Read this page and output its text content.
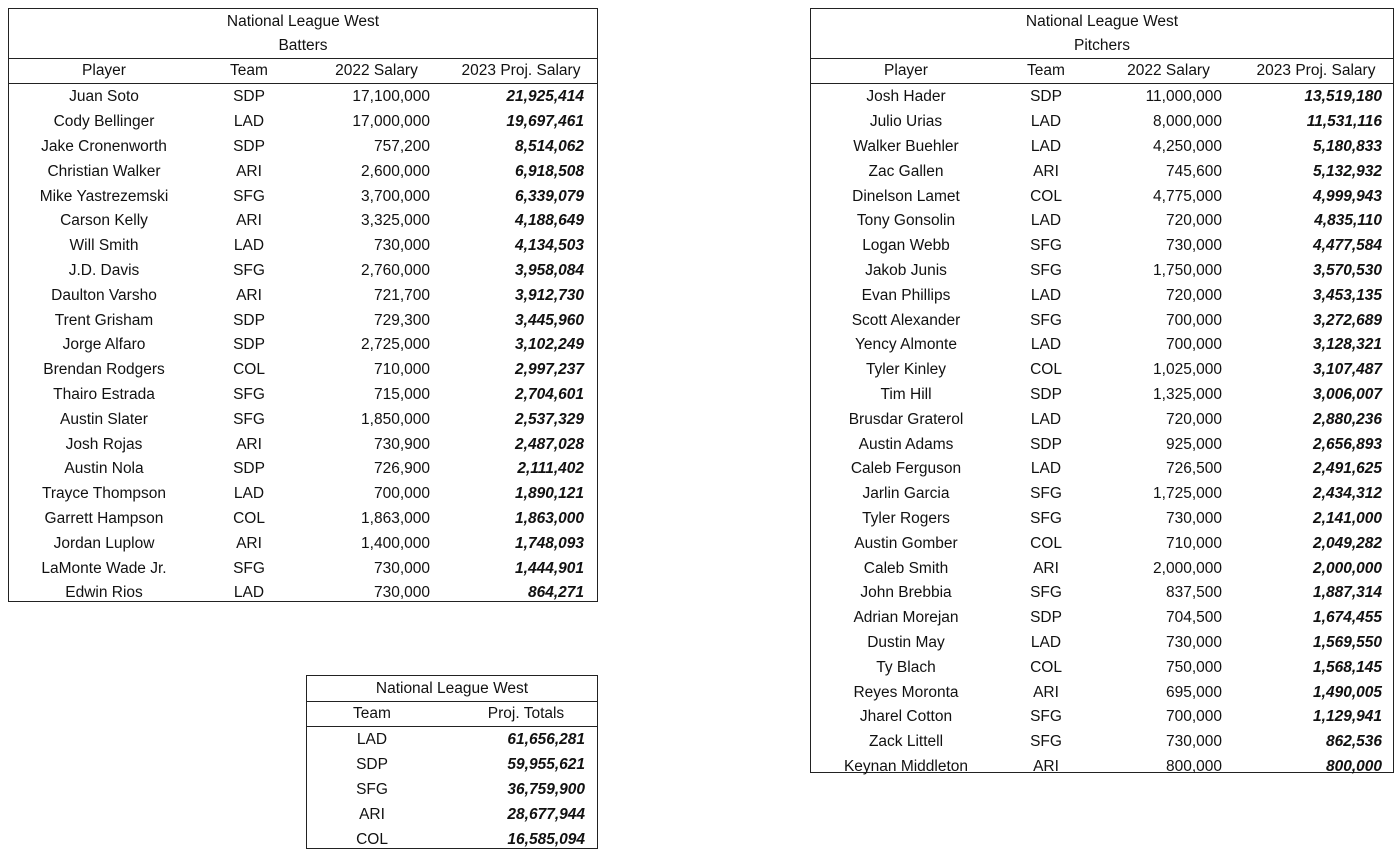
National League West
Batters
Player	Team	2022 Salary	2023 Proj. Salary
Juan Soto	SDP	17,100,000	21,925,414
Cody Bellinger	LAD	17,000,000	19,697,461
Jake Cronenworth	SDP	757,200	8,514,062
Christian Walker	ARI	2,600,000	6,918,508
Mike Yastrezemski	SFG	3,700,000	6,339,079
Carson Kelly	ARI	3,325,000	4,188,649
Will Smith	LAD	730,000	4,134,503
J.D. Davis	SFG	2,760,000	3,958,084
Daulton Varsho	ARI	721,700	3,912,730
Trent Grisham	SDP	729,300	3,445,960
Jorge Alfaro	SDP	2,725,000	3,102,249
Brendan Rodgers	COL	710,000	2,997,237
Thairo Estrada	SFG	715,000	2,704,601
Austin Slater	SFG	1,850,000	2,537,329
Josh Rojas	ARI	730,900	2,487,028
Austin Nola	SDP	726,900	2,111,402
Trayce Thompson	LAD	700,000	1,890,121
Garrett Hampson	COL	1,863,000	1,863,000
Jordan Luplow	ARI	1,400,000	1,748,093
LaMonte Wade Jr.	SFG	730,000	1,444,901
Edwin Rios	LAD	730,000	864,271
National League West
Pitchers
Player	Team	2022 Salary	2023 Proj. Salary
Josh Hader	SDP	11,000,000	13,519,180
Julio Urias	LAD	8,000,000	11,531,116
Walker Buehler	LAD	4,250,000	5,180,833
Zac Gallen	ARI	745,600	5,132,932
Dinelson Lamet	COL	4,775,000	4,999,943
Tony Gonsolin	LAD	720,000	4,835,110
Logan Webb	SFG	730,000	4,477,584
Jakob Junis	SFG	1,750,000	3,570,530
Evan Phillips	LAD	720,000	3,453,135
Scott Alexander	SFG	700,000	3,272,689
Yency Almonte	LAD	700,000	3,128,321
Tyler Kinley	COL	1,025,000	3,107,487
Tim Hill	SDP	1,325,000	3,006,007
Brusdar Graterol	LAD	720,000	2,880,236
Austin Adams	SDP	925,000	2,656,893
Caleb Ferguson	LAD	726,500	2,491,625
Jarlin Garcia	SFG	1,725,000	2,434,312
Tyler Rogers	SFG	730,000	2,141,000
Austin Gomber	COL	710,000	2,049,282
Caleb Smith	ARI	2,000,000	2,000,000
John Brebbia	SFG	837,500	1,887,314
Adrian Morejan	SDP	704,500	1,674,455
Dustin May	LAD	730,000	1,569,550
Ty Blach	COL	750,000	1,568,145
Reyes Moronta	ARI	695,000	1,490,005
Jharel Cotton	SFG	700,000	1,129,941
Zack Littell	SFG	730,000	862,536
Keynan Middleton	ARI	800,000	800,000
National League West
Team	Proj. Totals
LAD	61,656,281
SDP	59,955,621
SFG	36,759,900
ARI	28,677,944
COL	16,585,094
